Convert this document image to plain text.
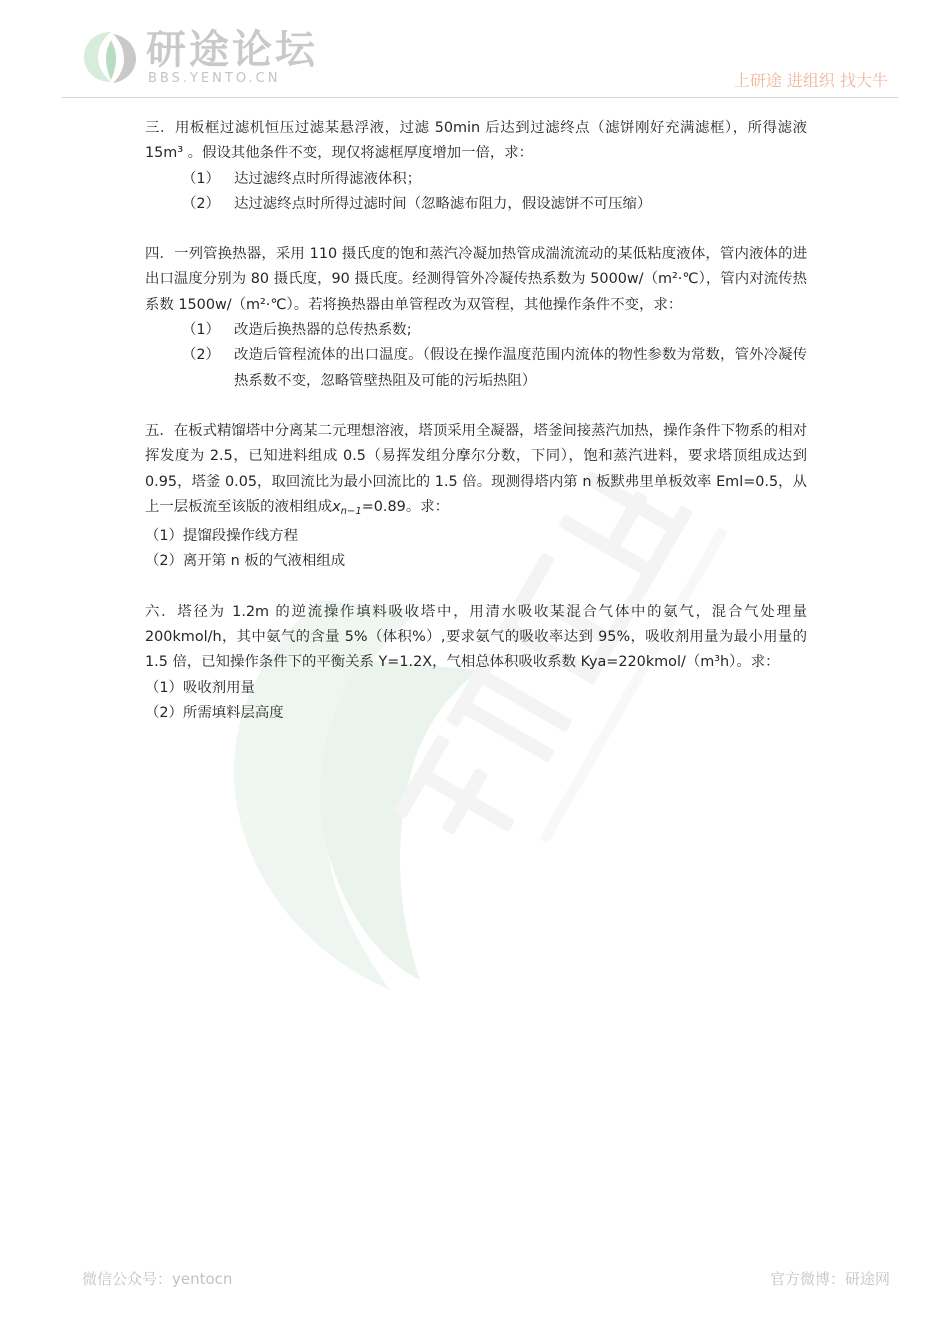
研途论坛
BBS.YENTO.CN	上研途 进组织 找大牛

三．用板框过滤机恒压过滤某悬浮液，过滤 50min 后达到过滤终点（滤饼刚好充满滤框），所得滤液 15m³ 。假设其他条件不变，现仅将滤框厚度增加一倍，求：

（1） 达过滤终点时所得滤液体积；
（2） 达过滤终点时所得过滤时间（忽略滤布阻力，假设滤饼不可压缩）

四．一列管换热器，采用 110 摄氏度的饱和蒸汽冷凝加热管成湍流流动的某低粘度液体，管内液体的进出口温度分别为 80 摄氏度，90 摄氏度。经测得管外冷凝传热系数为 5000w/（m²·℃），管内对流传热系数 1500w/（m²·℃）。若将换热器由单管程改为双管程，其他操作条件不变，求：

（1） 改造后换热器的总传热系数;
（2） 改造后管程流体的出口温度。（假设在操作温度范围内流体的物性参数为常数，管外冷凝传热系数不变，忽略管壁热阻及可能的污垢热阻）

五．在板式精馏塔中分离某二元理想溶液，塔顶采用全凝器，塔釜间接蒸汽加热，操作条件下物系的相对挥发度为 2.5，已知进料组成 0.5（易挥发组分摩尔分数，下同），饱和蒸汽进料，要求塔顶组成达到 0.95，塔釜 0.05，取回流比为最小回流比的 1.5 倍。现测得塔内第 n 板默弗里单板效率 Eml=0.5，从上一层板流至该版的液相组成$x_{n-1}=0.89$。求：

（1）提馏段操作线方程

（2）离开第 n 板的气液相组成

六．塔径为 1.2m 的逆流操作填料吸收塔中，用清水吸收某混合气体中的氨气，混合气处理量 200kmol/h，其中氨气的含量 5%（体积%）,要求氨气的吸收率达到 95%，吸收剂用量为最小用量的 1.5 倍，已知操作条件下的平衡关系 Y=1.2X，气相总体积吸收系数 Kya=220kmol/（m³h）。求：

（1）吸收剂用量

（2）所需填料层高度

微信公众号：yentocn	官方微博：研途网
